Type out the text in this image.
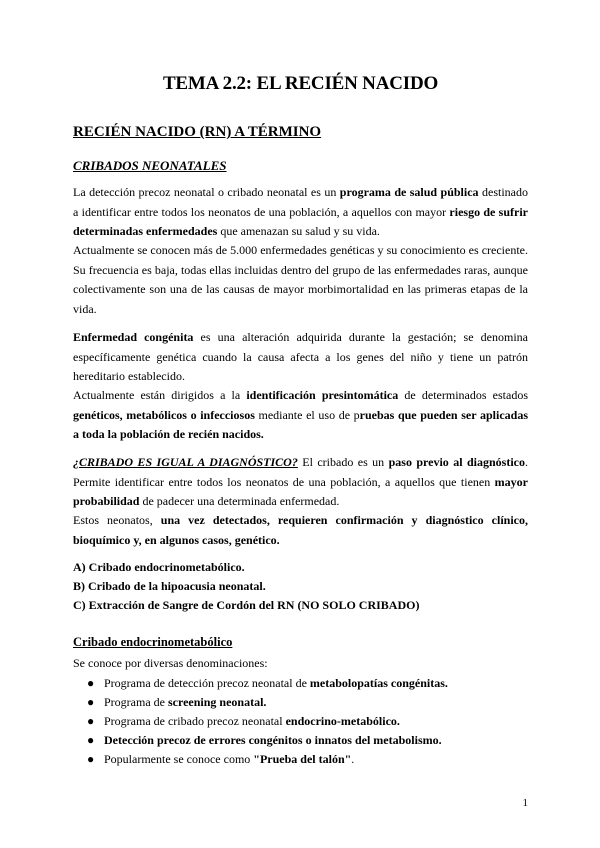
TEMA 2.2: EL RECIÉN NACIDO
RECIÉN NACIDO (RN) A TÉRMINO
CRIBADOS NEONATALES

La detección precoz neonatal o cribado neonatal es un programa de salud pública destinado a identificar entre todos los neonatos de una población, a aquellos con mayor riesgo de sufrir determinadas enfermedades que amenazan su salud y su vida.

Actualmente se conocen más de 5.000 enfermedades genéticas y su conocimiento es creciente. Su frecuencia es baja, todas ellas incluidas dentro del grupo de las enfermedades raras, aunque colectivamente son una de las causas de mayor morbimortalidad en las primeras etapas de la vida.

Enfermedad congénita es una alteración adquirida durante la gestación; se denomina específicamente genética cuando la causa afecta a los genes del niño y tiene un patrón hereditario establecido.

Actualmente están dirigidos a la identificación presintomática de determinados estados genéticos, metabólicos o infecciosos mediante el uso de pruebas que pueden ser aplicadas a toda la población de recién nacidos.

¿CRIBADO ES IGUAL A DIAGNÓSTICO? El cribado es un paso previo al diagnóstico. Permite identificar entre todos los neonatos de una población, a aquellos que tienen mayor probabilidad de padecer una determinada enfermedad.

Estos neonatos, una vez detectados, requieren confirmación y diagnóstico clínico, bioquímico y, en algunos casos, genético.

A) Cribado endocrinometabólico.
B) Cribado de la hipoacusia neonatal.
C) Extracción de Sangre de Cordón del RN (NO SOLO CRIBADO)
Cribado endocrinometabólico

Se conoce por diversas denominaciones:

● Programa de detección precoz neonatal de metabolopatías congénitas.
● Programa de screening neonatal.
● Programa de cribado precoz neonatal endocrino-metabólico.
● Detección precoz de errores congénitos o innatos del metabolismo.
● Popularmente se conoce como "Prueba del talón".
1
